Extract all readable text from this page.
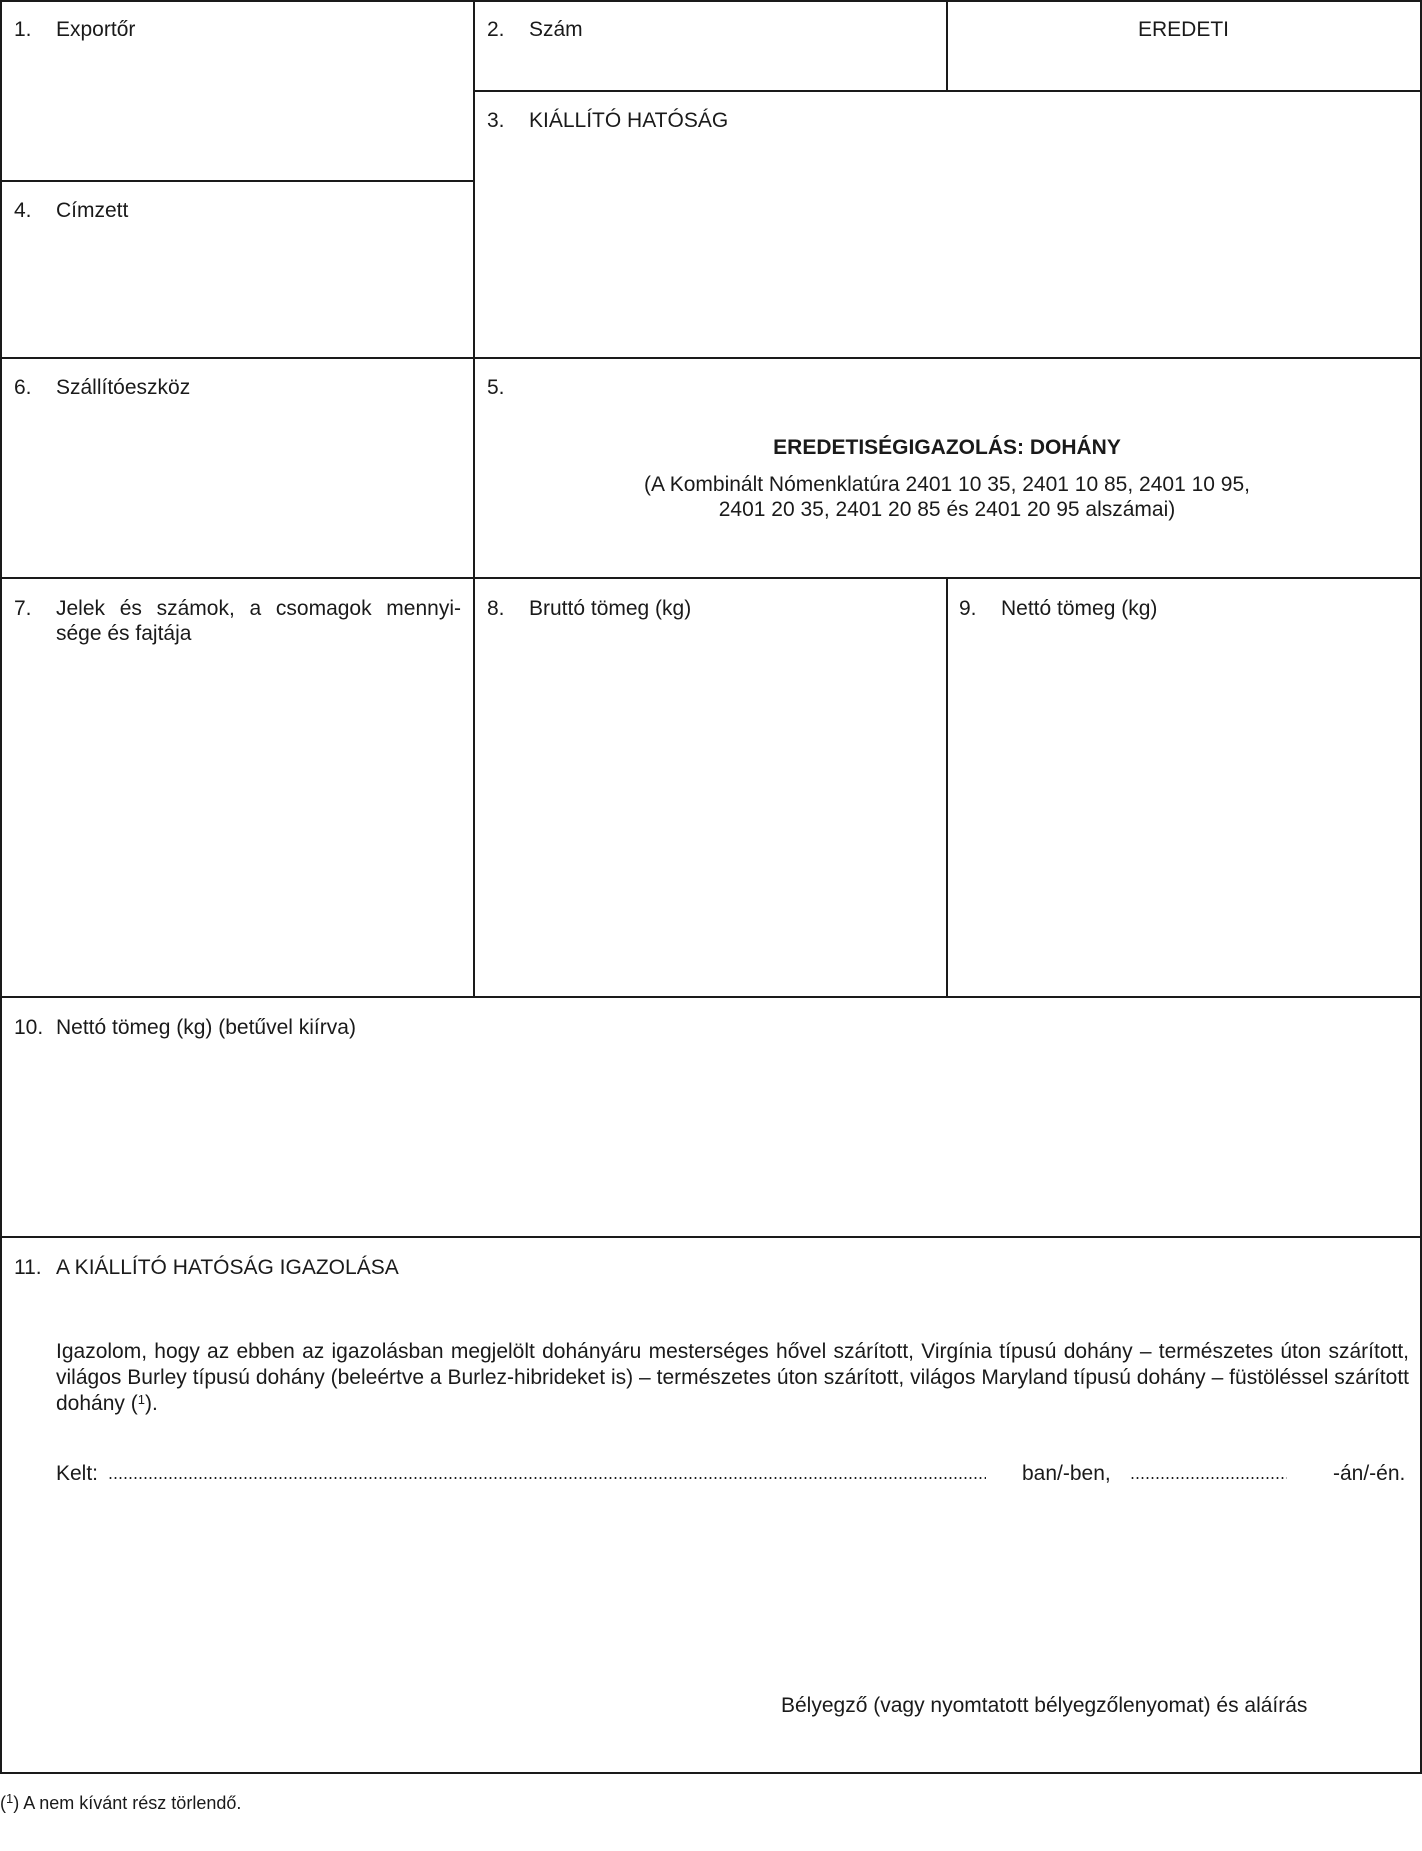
1. Exportőr	2. Szám	EREDETI
3. KIÁLLÍTÓ HATÓSÁG
4. Címzett
6. Szállítóeszköz	5.
EREDETISÉGIGAZOLÁS: DOHÁNY
(A Kombinált Nómenklatúra 2401 10 35, 2401 10 85, 2401 10 95,
2401 20 35, 2401 20 85 és 2401 20 95 alszámai)
7. Jelek és számok, a csomagok mennyi-
sége és fajtája
8. Bruttó tömeg (kg)	9. Nettó tömeg (kg)
10. Nettó tömeg (kg) (betűvel kiírva)
11. A KIÁLLÍTÓ HATÓSÁG IGAZOLÁSA
Igazolom, hogy az ebben az igazolásban megjelölt dohányáru mesterséges hővel szárított, Virgínia típusú dohány – természetes úton szárított, világos Burley típusú dohány (beleértve a Burlez-hibrideket is) – természetes úton szárított, világos Maryland típusú dohány – füstöléssel szárított dohány ($^1$).
Kelt:	ban/-ben,	-án/-én.
Bélyegző (vagy nyomtatott bélyegzőlenyomat) és aláírás
($^1$) A nem kívánt rész törlendő.
